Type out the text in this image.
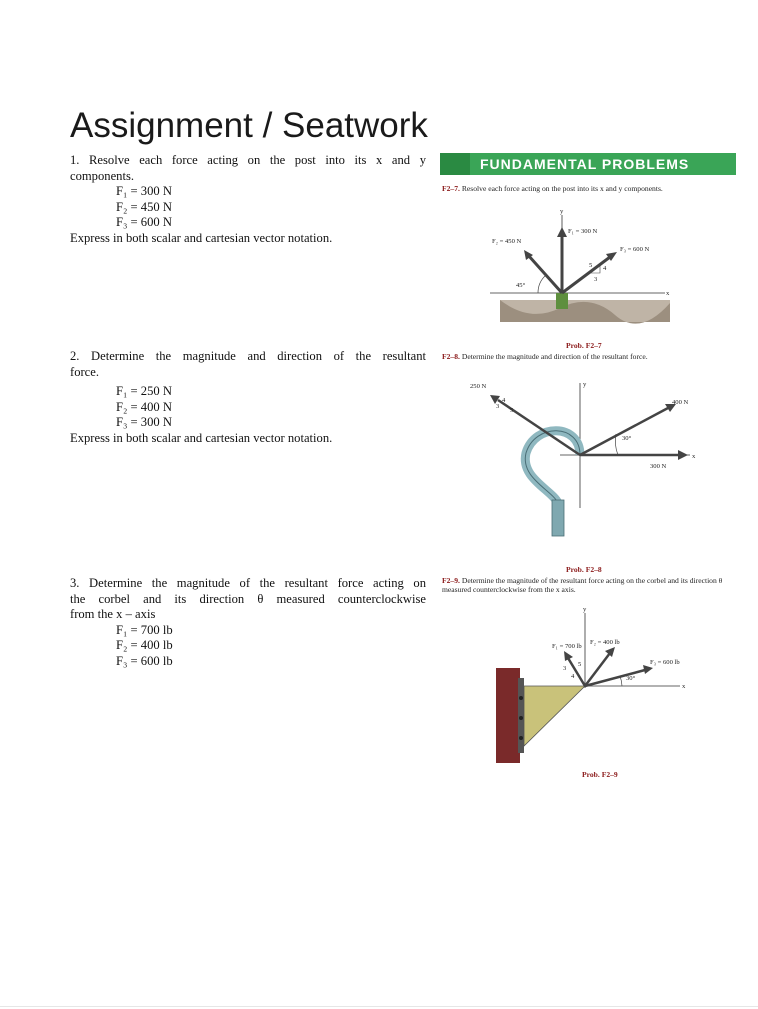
Assignment / Seatwork
1. Resolve each force acting on the post into its x and y
components.
F₁ = 300 N
F₂ = 450 N
F₃ = 600 N
Express in both scalar and cartesian vector notation.
2. Determine the magnitude and direction of the resultant
force.
F₁ = 250 N
F₂ = 400 N
F₃ = 300 N
Express in both scalar and cartesian vector notation.
3. Determine the magnitude of the resultant force acting on
the corbel and its direction θ measured counterclockwise
from the x – axis
F₁ = 700 lb
F₂ = 400 lb
F₃ = 600 lb
FUNDAMENTAL PROBLEMS
F2–7. Resolve each force acting on the post into its x and y components.
45°
F₂ = 450 N
F₁ = 300 N
F₃ = 600 N
3
4
5
x
y
Prob. F2–7
F2–8. Determine the magnitude and direction of the resultant force.
250 N
3
4
5
400 N
300 N
30°
x
y
Prob. F2–8
F2–9. Determine the magnitude of the resultant force acting on the corbel and its direction θ measured counterclockwise from the x axis.
F₁ = 700 lb
F₂ = 400 lb
F₃ = 600 lb
30°
3
4
5
x
y
Prob. F2–9
